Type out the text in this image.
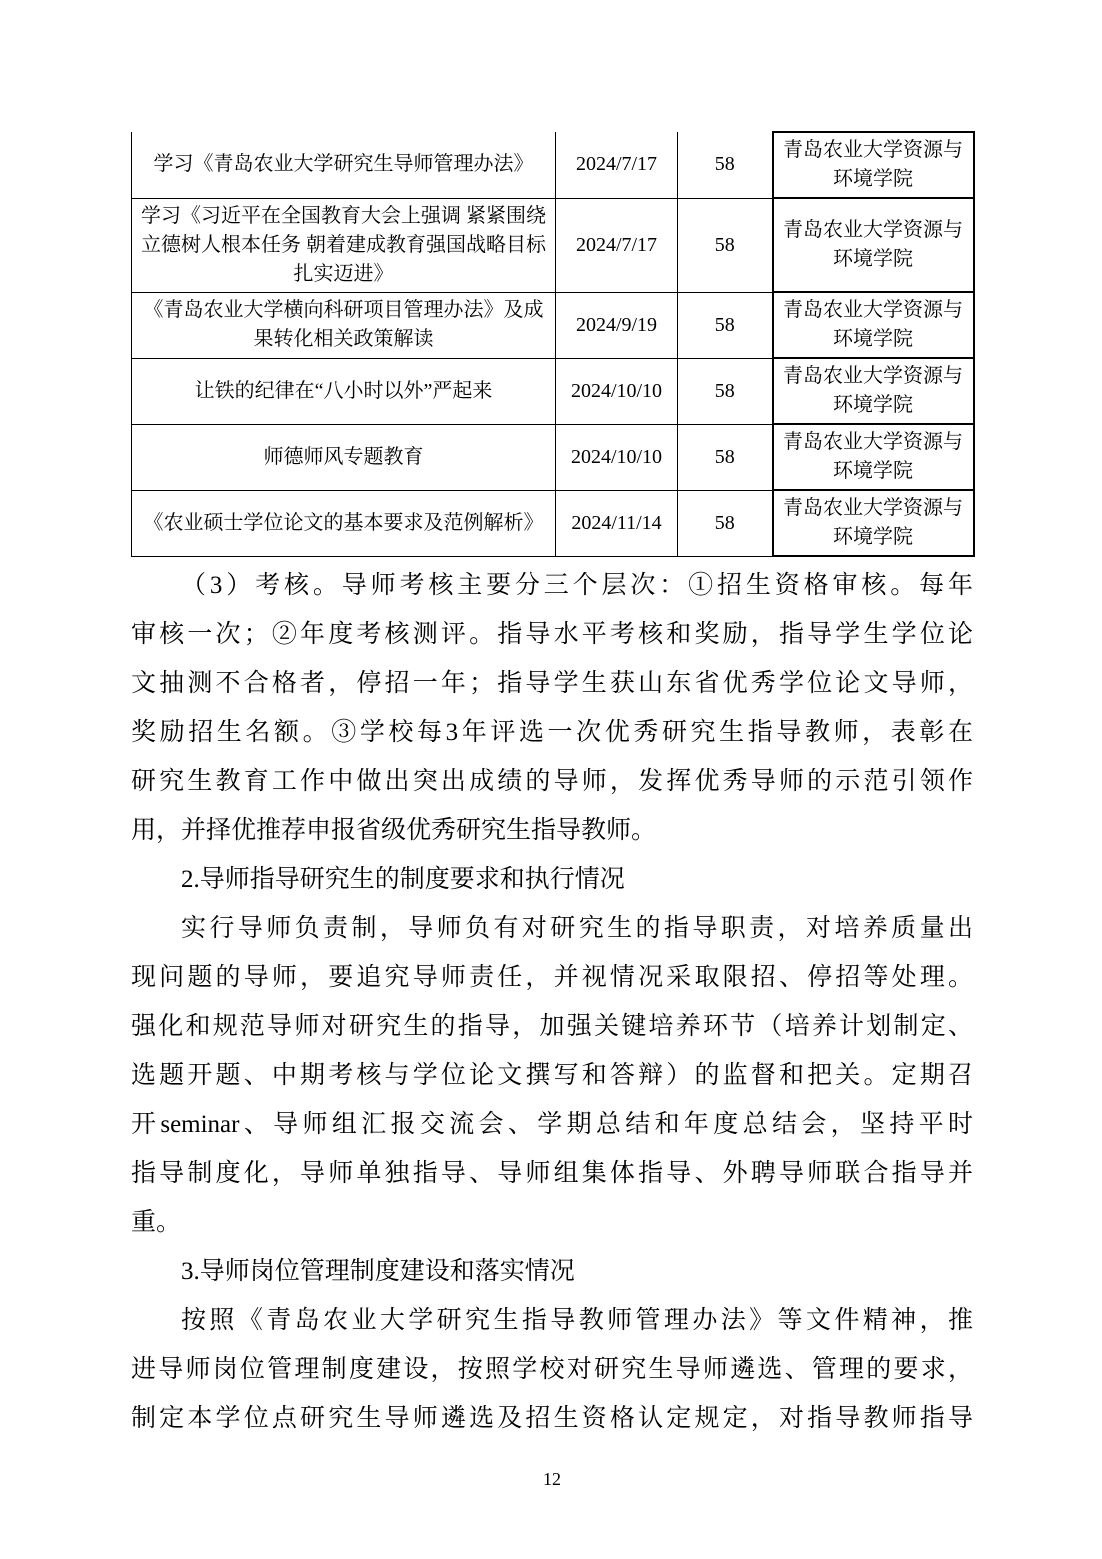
学习《青岛农业大学研究生导师管理办法》	2024/7/17	58	青岛农业大学资源与环境学院
学习《习近平在全国教育大会上强调 紧紧围绕立德树人根本任务 朝着建成教育强国战略目标扎实迈进》	2024/7/17	58	青岛农业大学资源与环境学院
《青岛农业大学横向科研项目管理办法》及成果转化相关政策解读	2024/9/19	58	青岛农业大学资源与环境学院
让铁的纪律在“八小时以外”严起来	2024/10/10	58	青岛农业大学资源与环境学院
师德师风专题教育	2024/10/10	58	青岛农业大学资源与环境学院
《农业硕士学位论文的基本要求及范例解析》	2024/11/14	58	青岛农业大学资源与环境学院
（3）考核。导师考核主要分三个层次：①招生资格审核。每年
审核一次；②年度考核测评。指导水平考核和奖励，指导学生学位论
文抽测不合格者，停招一年；指导学生获山东省优秀学位论文导师，
奖励招生名额。③学校每3年评选一次优秀研究生指导教师，表彰在
研究生教育工作中做出突出成绩的导师，发挥优秀导师的示范引领作
用，并择优推荐申报省级优秀研究生指导教师。
2.导师指导研究生的制度要求和执行情况
实行导师负责制，导师负有对研究生的指导职责，对培养质量出
现问题的导师，要追究导师责任，并视情况采取限招、停招等处理。
强化和规范导师对研究生的指导，加强关键培养环节（培养计划制定、
选题开题、中期考核与学位论文撰写和答辩）的监督和把关。定期召
开seminar、导师组汇报交流会、学期总结和年度总结会，坚持平时
指导制度化，导师单独指导、导师组集体指导、外聘导师联合指导并
重。
3.导师岗位管理制度建设和落实情况
按照《青岛农业大学研究生指导教师管理办法》等文件精神，推
进导师岗位管理制度建设，按照学校对研究生导师遴选、管理的要求，
制定本学位点研究生导师遴选及招生资格认定规定，对指导教师指导
12
